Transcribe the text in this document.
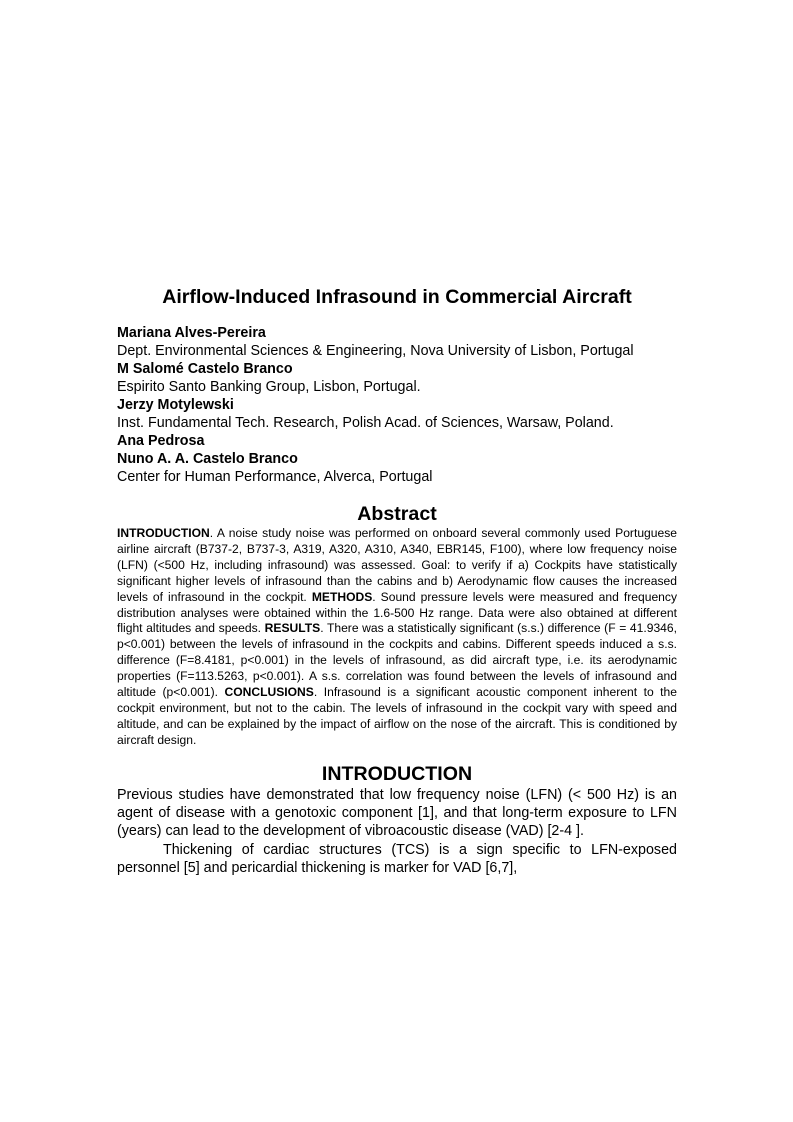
Airflow-Induced Infrasound in Commercial Aircraft
Mariana Alves-Pereira
Dept. Environmental Sciences & Engineering, Nova University of Lisbon, Portugal
M Salomé Castelo Branco
Espirito Santo Banking Group, Lisbon, Portugal.
Jerzy Motylewski
Inst. Fundamental Tech. Research, Polish Acad. of Sciences, Warsaw, Poland.
Ana Pedrosa
Nuno A. A. Castelo Branco
Center for Human Performance, Alverca, Portugal
Abstract

INTRODUCTION. A noise study noise was performed on onboard several commonly used Portuguese airline aircraft (B737-2, B737-3, A319, A320, A310, A340, EBR145, F100), where low frequency noise (LFN) (<500 Hz, including infrasound) was assessed. Goal: to verify if a) Cockpits have statistically significant higher levels of infrasound than the cabins and b) Aerodynamic flow causes the increased levels of infrasound in the cockpit. METHODS. Sound pressure levels were measured and frequency distribution analyses were obtained within the 1.6-500 Hz range. Data were also obtained at different flight altitudes and speeds. RESULTS. There was a statistically significant (s.s.) difference (F = 41.9346, p<0.001) between the levels of infrasound in the cockpits and cabins. Different speeds induced a s.s. difference (F=8.4181, p<0.001) in the levels of infrasound, as did aircraft type, i.e. its aerodynamic properties (F=113.5263, p<0.001). A s.s. correlation was found between the levels of infrasound and altitude (p<0.001). CONCLUSIONS. Infrasound is a significant acoustic component inherent to the cockpit environment, but not to the cabin. The levels of infrasound in the cockpit vary with speed and altitude, and can be explained by the impact of airflow on the nose of the aircraft. This is conditioned by aircraft design.

INTRODUCTION

Previous studies have demonstrated that low frequency noise (LFN) (< 500 Hz) is an agent of disease with a genotoxic component [1], and that long-term exposure to LFN (years) can lead to the development of vibroacoustic disease (VAD) [2-4 ].

Thickening of cardiac structures (TCS) is a sign specific to LFN-exposed personnel [5] and pericardial thickening is marker for VAD [6,7],
